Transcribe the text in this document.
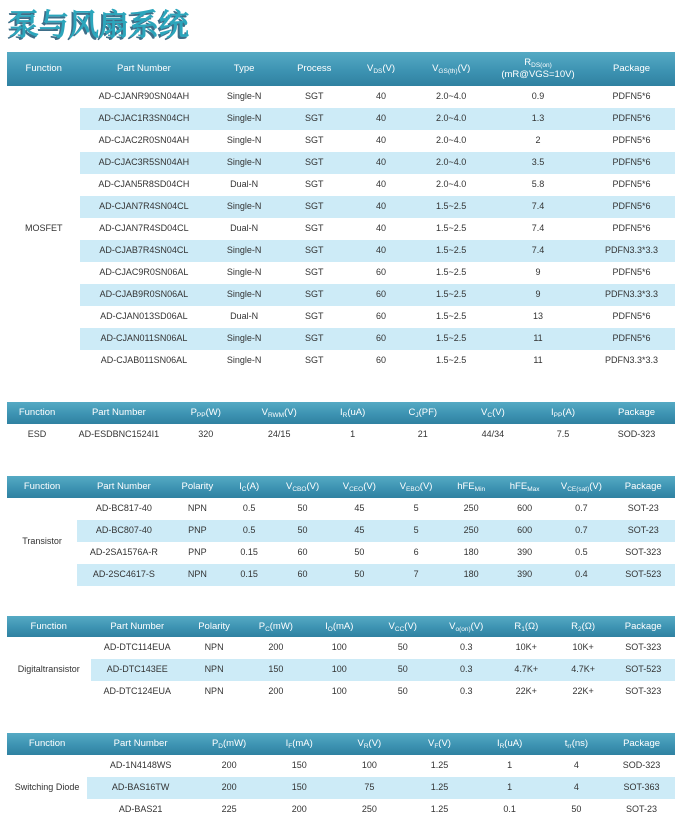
泵与风扇系统
Function	Part Number	Type	Process	$V_{DS}(V)$	$V_{GS(th)}(V)$	$R_{DS(on)}$
(mR@VGS=10V)	Package
MOSFET	AD-CJANR90SN04AH	Single-N	SGT	40	2.0~4.0	0.9	PDFN5*6
	AD-CJAC1R3SN04CH	Single-N	SGT	40	2.0~4.0	1.3	PDFN5*6
	AD-CJAC2R0SN04AH	Single-N	SGT	40	2.0~4.0	2	PDFN5*6
	AD-CJAC3R5SN04AH	Single-N	SGT	40	2.0~4.0	3.5	PDFN5*6
	AD-CJAN5R8SD04CH	Dual-N	SGT	40	2.0~4.0	5.8	PDFN5*6
	AD-CJAN7R4SN04CL	Single-N	SGT	40	1.5~2.5	7.4	PDFN5*6
	AD-CJAN7R4SD04CL	Dual-N	SGT	40	1.5~2.5	7.4	PDFN5*6
	AD-CJAB7R4SN04CL	Single-N	SGT	40	1.5~2.5	7.4	PDFN3.3*3.3
	AD-CJAC9R0SN06AL	Single-N	SGT	60	1.5~2.5	9	PDFN5*6
	AD-CJAB9R0SN06AL	Single-N	SGT	60	1.5~2.5	9	PDFN3.3*3.3
	AD-CJAN013SD06AL	Dual-N	SGT	60	1.5~2.5	13	PDFN5*6
	AD-CJAN011SN06AL	Single-N	SGT	60	1.5~2.5	11	PDFN5*6
	AD-CJAB011SN06AL	Single-N	SGT	60	1.5~2.5	11	PDFN3.3*3.3
Function	Part Number	$P_{PP}(W)$	$V_{RWM}(V)$	$I_R(uA)$	$C_J(PF)$	$V_C(V)$	$I_{PP}(A)$	Package
ESD	AD-ESDBNC1524I1	320	24/15	1	21	44/34	7.5	SOD-323
Function	Part Number	Polarity	$I_C(A)$	$V_{CBO}(V)$	$V_{CEO}(V)$	$V_{EBO}(V)$	hFE$_{Min}$	hFE$_{Max}$	$V_{CE(sat)}(V)$	Package
Transistor	AD-BC817-40	NPN	0.5	50	45	5	250	600	0.7	SOT-23
	AD-BC807-40	PNP	0.5	50	45	5	250	600	0.7	SOT-23
	AD-2SA1576A-R	PNP	0.15	60	50	6	180	390	0.5	SOT-323
	AD-2SC4617-S	NPN	0.15	60	50	7	180	390	0.4	SOT-523
Function	Part Number	Polarity	$P_C(mW)$	$I_O(mA)$	$V_{CC}(V)$	$V_{o(on)}(V)$	$R_1(\Omega)$	$R_2(\Omega)$	Package
Digitaltransistor	AD-DTC114EUA	NPN	200	100	50	0.3	10K+	10K+	SOT-323
	AD-DTC143EE	NPN	150	100	50	0.3	4.7K+	4.7K+	SOT-523
	AD-DTC124EUA	NPN	200	100	50	0.3	22K+	22K+	SOT-323
Function	Part Number	$P_D(mW)$	$I_F(mA)$	$V_R(V)$	$V_F(V)$	$I_R(uA)$	$t_{rr}(ns)$	Package
Switching Diode	AD-1N4148WS	200	150	100	1.25	1	4	SOD-323
	AD-BAS16TW	200	150	75	1.25	1	4	SOT-363
	AD-BAS21	225	200	250	1.25	0.1	50	SOT-23
